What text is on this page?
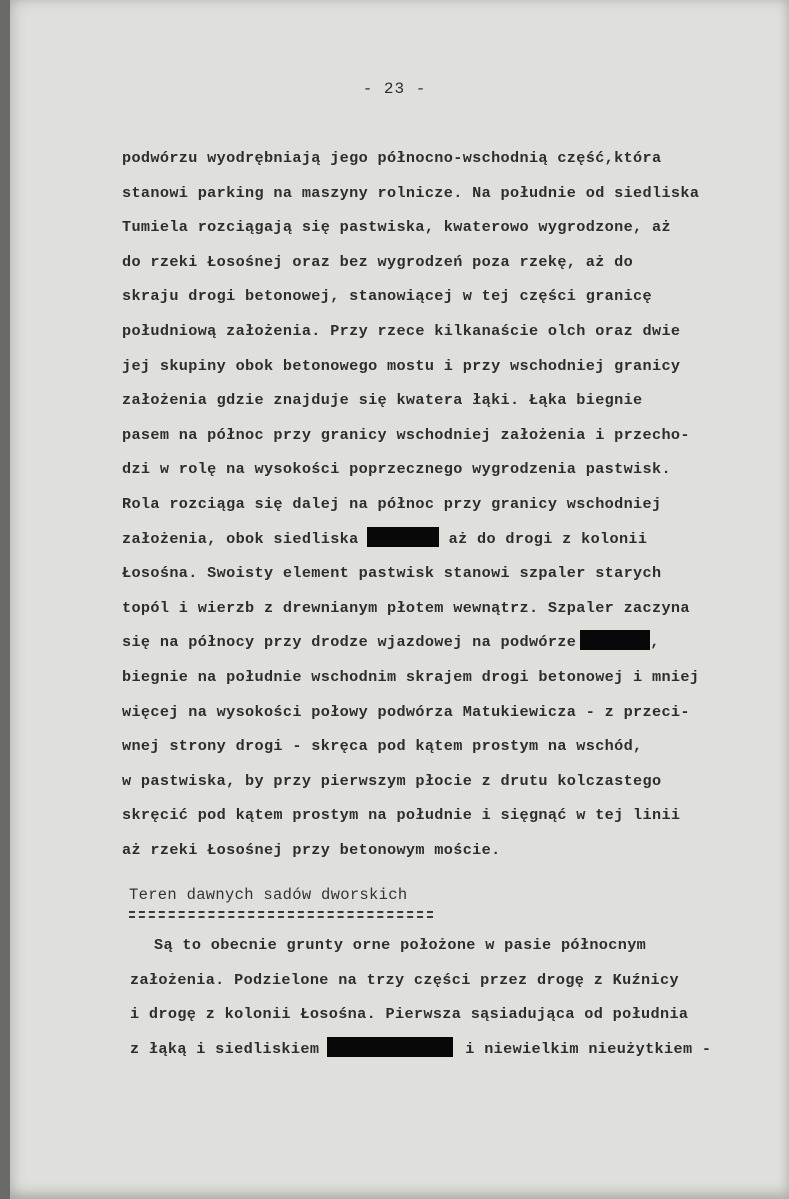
- 23 -
podwórzu wyodrębniają jego północno-wschodnią część,która
stanowi parking na maszyny rolnicze. Na południe od siedliska
Tumiela rozciągają się pastwiska, kwaterowo wygrodzone, aż
do rzeki Łosośnej oraz bez wygrodzeń poza rzekę, aż do
skraju drogi betonowej, stanowiącej w tej części granicę
południową założenia. Przy rzece kilkanaście olch oraz dwie
jej skupiny obok betonowego mostu i przy wschodniej granicy
założenia gdzie znajduje się kwatera łąki. Łąka biegnie
pasem na północ przy granicy wschodniej założenia i przecho-
dzi w rolę na wysokości poprzecznego wygrodzenia pastwisk.
Rola rozciąga się dalej na północ przy granicy wschodniej
założenia, obok siedliska	aż do drogi z kolonii
Łosośna. Swoisty element pastwisk stanowi szpaler starych
topól i wierzb z drewnianym płotem wewnątrz. Szpaler zaczyna
się na północy przy drodze wjazdowej na podwórze	,
biegnie na południe wschodnim skrajem drogi betonowej i mniej
więcej na wysokości połowy podwórza Matukiewicza - z przeci-
wnej strony drogi - skręca pod kątem prostym na wschód,
w pastwiska, by przy pierwszym płocie z drutu kolczastego
skręcić pod kątem prostym na południe i sięgnąć w tej linii
aż rzeki Łosośnej przy betonowym moście.
Teren dawnych sadów dworskich
Są to obecnie grunty orne położone w pasie północnym
założenia. Podzielone na trzy części przez drogę z Kuźnicy
i drogę z kolonii Łosośna. Pierwsza sąsiadująca od południa
z łąką i siedliskiem	i niewielkim nieużytkiem -
